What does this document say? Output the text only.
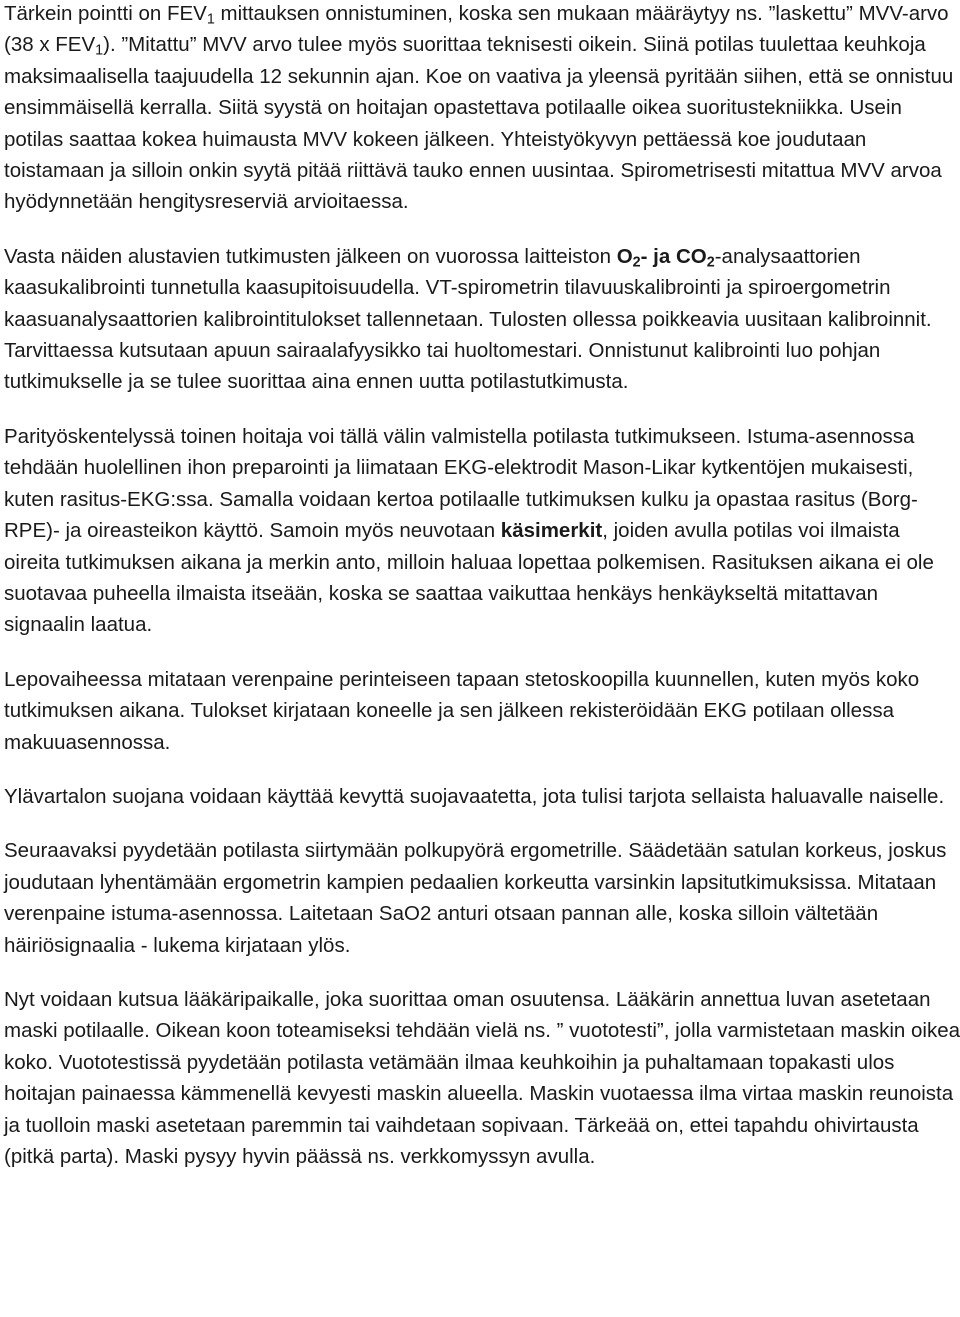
Tärkein pointti on $FEV_1$ mittauksen onnistuminen, koska sen mukaan määräytyy ns. ”laskettu” MVV-arvo (38 x $FEV_1$). ”Mitattu” MVV arvo tulee myös suorittaa teknisesti oikein. Siinä potilas tuulettaa keuhkoja maksimaalisella taajuudella 12 sekunnin ajan. Koe on vaativa ja yleensä pyritään siihen, että se onnistuu ensimmäisellä kerralla. Siitä syystä on hoitajan opastettava potilaalle oikea suoritustekniikka. Usein potilas saattaa kokea huimausta MVV kokeen jälkeen. Yhteistyökyvyn pettäessä koe joudutaan toistamaan ja silloin onkin syytä pitää riittävä tauko ennen uusintaa. Spirometrisesti mitattua MVV arvoa hyödynnetään hengitysreserviä arvioitaessa.

Vasta näiden alustavien tutkimusten jälkeen on vuorossa laitteiston $O_2-$ ja $CO_2$-analysaattorien kaasukalibrointi tunnetulla kaasupitoisuudella. VT-spirometrin tilavuuskalibrointi ja spiroergometrin kaasuanalysaattorien kalibrointitulokset tallennetaan. Tulosten ollessa poikkeavia uusitaan kalibroinnit. Tarvittaessa kutsutaan apuun sairaalafyysikko tai huoltomestari. Onnistunut kalibrointi luo pohjan tutkimukselle ja se tulee suorittaa aina ennen uutta potilastutkimusta.

Parityöskentelyssä toinen hoitaja voi tällä välin valmistella potilasta tutkimukseen. Istuma-asennossa tehdään huolellinen ihon preparointi ja liimataan EKG-elektrodit Mason-Likar kytkentöjen mukaisesti, kuten rasitus-EKG:ssa. Samalla voidaan kertoa potilaalle tutkimuksen kulku ja opastaa rasitus (Borg-RPE)- ja oireasteikon käyttö. Samoin myös neuvotaan käsimerkit, joiden avulla potilas voi ilmaista oireita tutkimuksen aikana ja merkin anto, milloin haluaa lopettaa polkemisen. Rasituksen aikana ei ole suotavaa puheella ilmaista itseään, koska se saattaa vaikuttaa henkäys henkäykseltä mitattavan signaalin laatua.

Lepovaiheessa mitataan verenpaine perinteiseen tapaan stetoskoopilla kuunnellen, kuten myös koko tutkimuksen aikana. Tulokset kirjataan koneelle ja sen jälkeen rekisteröidään EKG potilaan ollessa makuuasennossa.

Ylävartalon suojana voidaan käyttää kevyttä suojavaatetta, jota tulisi tarjota sellaista haluavalle naiselle.

Seuraavaksi pyydetään potilasta siirtymään polkupyörä ergometrille. Säädetään satulan korkeus, joskus joudutaan lyhentämään ergometrin kampien pedaalien korkeutta varsinkin lapsitutkimuksissa. Mitataan verenpaine istuma-asennossa. Laitetaan SaO2 anturi otsaan pannan alle, koska silloin vältetään häiriösignaalia - lukema kirjataan ylös.

Nyt voidaan kutsua lääkäripaikalle, joka suorittaa oman osuutensa. Lääkärin annettua luvan asetetaan maski potilaalle. Oikean koon toteamiseksi tehdään vielä ns. ” vuototesti”, jolla varmistetaan maskin oikea koko. Vuototestissä pyydetään potilasta vetämään ilmaa keuhkoihin ja puhaltamaan topakasti ulos hoitajan painaessa kämmenellä kevyesti maskin alueella. Maskin vuotaessa ilma virtaa maskin reunoista ja tuolloin maski asetetaan paremmin tai vaihdetaan sopivaan. Tärkeää on, ettei tapahdu ohivirtausta (pitkä parta). Maski pysyy hyvin päässä ns. verkkomyssyn avulla.
